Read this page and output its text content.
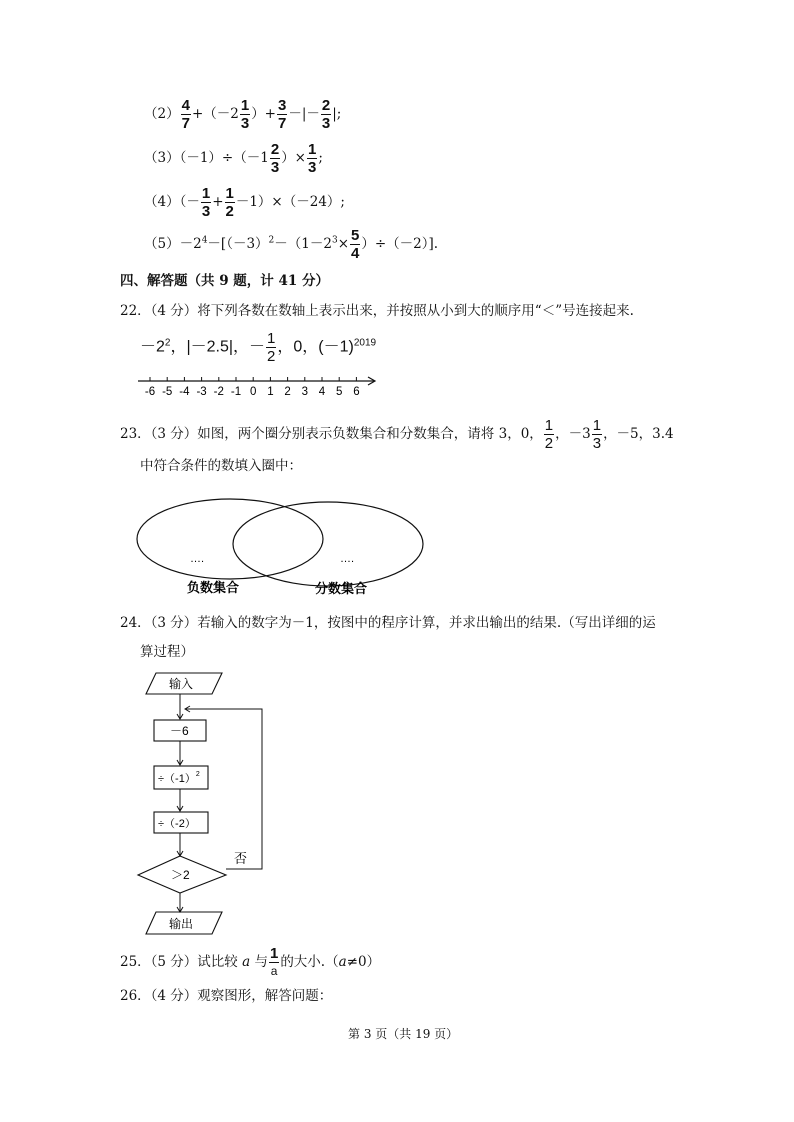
$(2) \frac{4}{7} +(-2 \frac{1}{3}$ ）+ $\frac{3}{7}$ －|－ $\frac{2}{3}$ |;
$(3)(-1)\div(-1 \frac{2}{3}$ ）× $\frac{1}{3}$ ;
$(4)(- \frac{1}{3} + \frac{1}{2} -1)\times(-24)$;
$(5)-2^4-[(-3)^2-(1-2^3\times \frac{5}{4} )\div(-2)]$.
四、解答题（共 9 题，计 41 分）
22．（4 分）将下列各数在数轴上表示出来，并按照从小到大的顺序用“＜”号连接起来.
$-2^2$，|－2.5|，－ $\frac{1}{2}$ ，0，$(-1)^{2019}$
-6 -5 -4 -3 -2 -1 0 1 2 3 4 5 6
23．（3 分）如图，两个圈分别表示负数集合和分数集合，请将 3，0， $\frac{1}{2}$ ，$-3 \frac{1}{3}$ ，－5，3.4
中符合条件的数填入圈中：
….	….
负数集合	分数集合
24．（3 分）若输入的数字为－1，按图中的程序计算，并求出输出的结果.（写出详细的运
算过程）
输入
－6
$\div(-1)^2$
÷（-2）
＞2
否
输出
25．（5 分）试比较 a 与 $\frac{1}{a}$ 的大小.（a≠0）
26．（4 分）观察图形，解答问题：
第 3 页（共 19 页）
